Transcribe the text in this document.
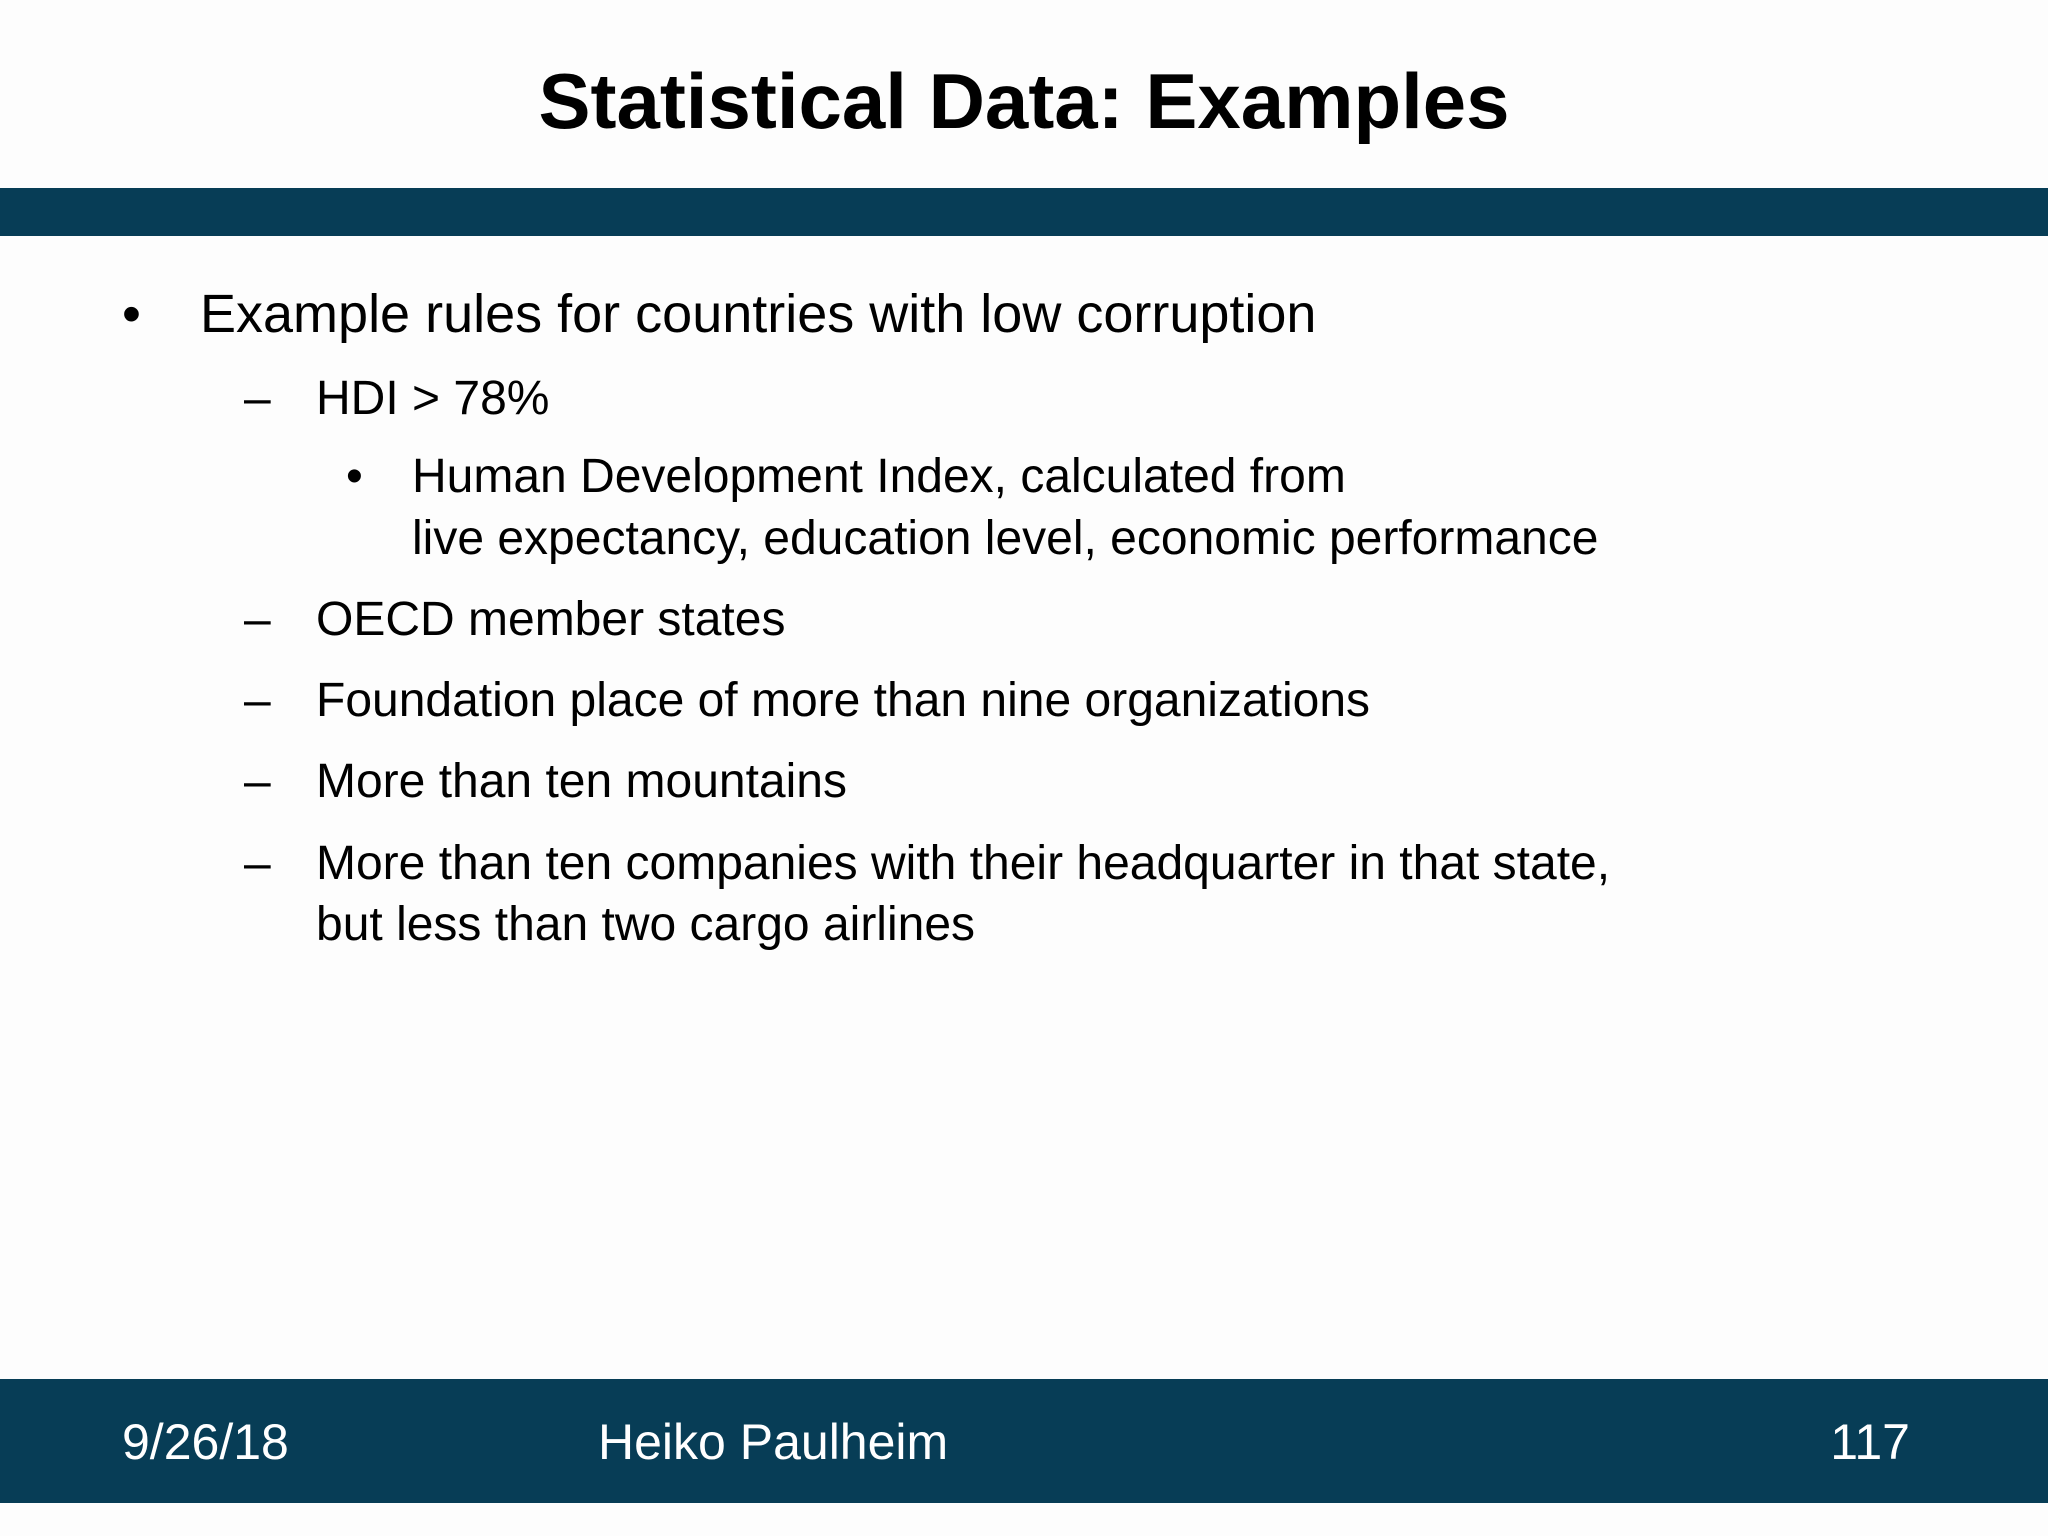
Statistical Data: Examples
• Example rules for countries with low corruption
– HDI > 78%
• Human Development Index, calculated from
live expectancy, education level, economic performance
– OECD member states
– Foundation place of more than nine organizations
– More than ten mountains
– More than ten companies with their headquarter in that state,
but less than two cargo airlines
9/26/18	Heiko Paulheim	117
